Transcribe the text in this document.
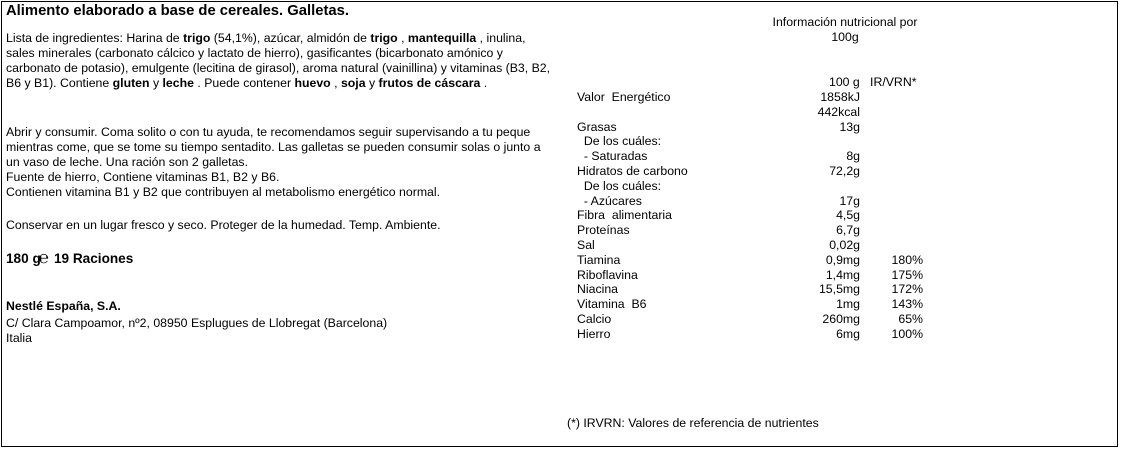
Alimento elaborado a base de cereales. Galletas.
Lista de ingredientes: Harina de trigo (54,1%), azúcar, almidón de trigo , mantequilla , inulina, sales minerales (carbonato cálcico y lactato de hierro), gasificantes (bicarbonato amónico y carbonato de potasio), emulgente (lecitina de girasol), aroma natural (vainillina) y vitaminas (B3, B2, B6 y B1). Contiene gluten y leche . Puede contener huevo , soja y frutos de cáscara .
Abrir y consumir. Coma solito o con tu ayuda, te recomendamos seguir supervisando a tu peque mientras come, que se tome su tiempo sentadito. Las galletas se pueden consumir solas o junto a un vaso de leche. Una ración son 2 galletas.
Fuente de hierro, Contiene vitaminas B1, B2 y B6.
Contienen vitamina B1 y B2 que contribuyen al metabolismo energético normal.
Conservar en un lugar fresco y seco. Proteger de la humedad. Temp. Ambiente.
180 g℮ 19 Raciones
Nestlé España, S.A.
C/ Clara Campoamor, nº2, 08950 Esplugues de Llobregat (Barcelona)
Italia
Información nutricional por 100g
100 g   IR/VRN*
Valor  Energético	1858kJ
442kcal
Grasas	13g
De los cuáles:
- Saturadas	8g
Hidratos de carbono	72,2g
De los cuáles:
- Azúcares	17g
Fibra  alimentaria	4,5g
Proteínas	6,7g
Sal	0,02g
Tiamina	0,9mg	180%
Riboflavina	1,4mg	175%
Niacina	15,5mg	172%
Vitamina  B6	1mg	143%
Calcio	260mg	65%
Hierro	6mg	100%
(*) IRVRN: Valores de referencia de nutrientes
